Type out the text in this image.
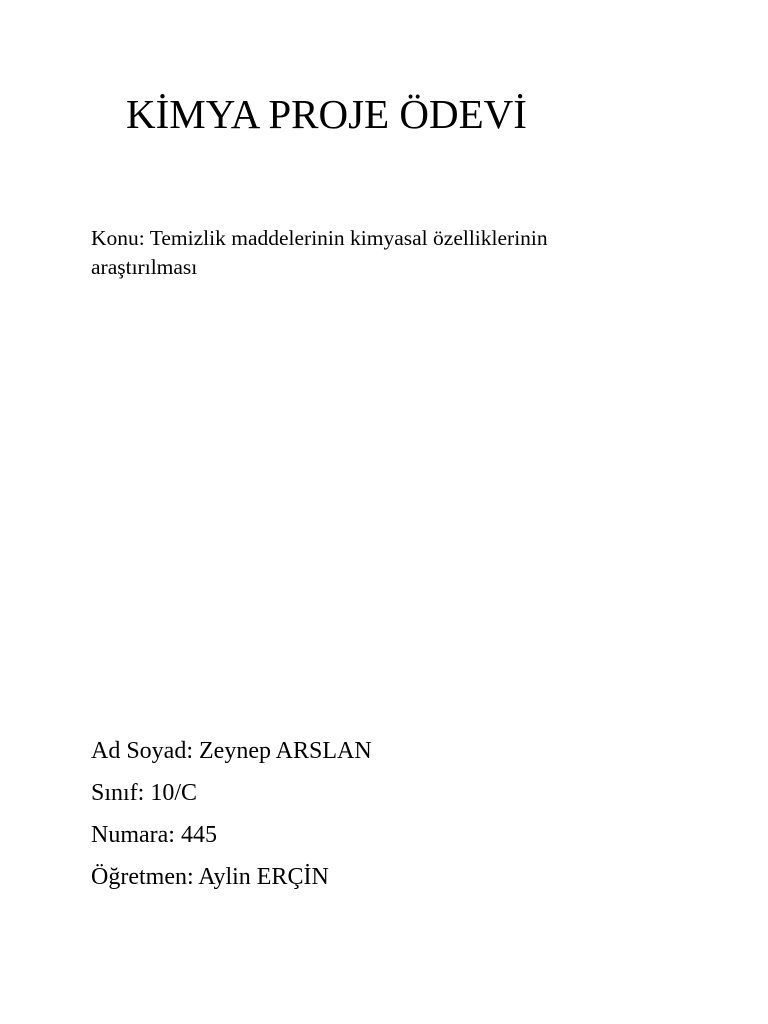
KİMYA PROJE ÖDEVİ
Konu: Temizlik maddelerinin kimyasal özelliklerinin
araştırılması
Ad Soyad: Zeynep ARSLAN
Sınıf: 10/C
Numara: 445
Öğretmen: Aylin ERÇİN
